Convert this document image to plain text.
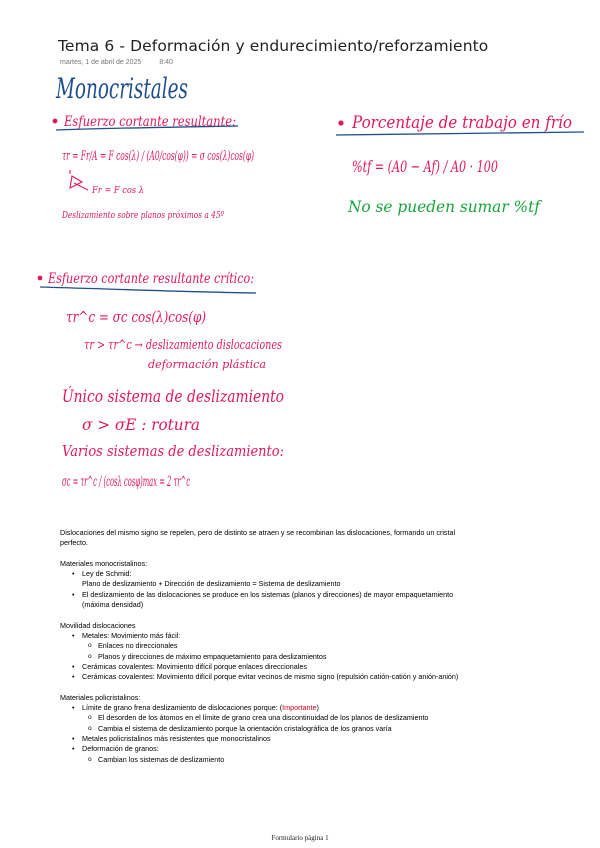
Tema 6 - Deformación y endurecimiento/reforzamiento
martes, 1 de abril de 2025	8:40
Monocristales
Esfuerzo cortante resultante:
τr = Fr/A = F cos(λ) / (A0/cos(φ)) = σ cos(λ)cos(φ)
Fr = F cos λ
Deslizamiento sobre planos próximos a 45º
Esfuerzo cortante resultante crítico:
τr^c = σc cos(λ)cos(φ)
τr > τr^c → deslizamiento dislocaciones
deformación plástica
Único sistema de deslizamiento
σ > σE : rotura
Varios sistemas de deslizamiento:
σc = τr^c / (cosλ cosφ)max = 2 τr^c
Porcentaje de trabajo en frío
%tf = (A0 − Af) / A0 · 100
No se pueden sumar %tf

Dislocaciones del mismo signo se repelen, pero de distinto se atraen y se recombinan las dislocaciones, formando un cristal perfecto.

Materiales monocristalinos:
• Ley de Schmid:
Plano de deslizamiento + Dirección de deslizamiento = Sistema de deslizamiento
• El deslizamiento de las dislocaciones se produce en los sistemas (planos y direcciones) de mayor empaquetamiento (máxima densidad)
Movilidad dislocaciones
• Metales: Movimiento más fácil:
o Enlaces no direccionales
o Planos y direcciones de máximo empaquetamiento para deslizamientos
• Cerámicas covalentes: Movimiento difícil porque enlaces direccionales
• Cerámicas covalentes: Movimiento difícil porque evitar vecinos de mismo signo (repulsión catión-catión y anión-anión)
Materiales policristalinos:
• Límite de grano frena deslizamiento de dislocaciones porque: (Importante)
o El desorden de los átomos en el límite de grano crea una discontinuidad de los planos de deslizamiento
o Cambia el sistema de deslizamiento porque la orientación cristalográfica de los granos varía
• Metales policristalinos más resistentes que monocristalinos
• Deformación de granos:
o Cambian los sistemas de deslizamiento
Formulario página 1
